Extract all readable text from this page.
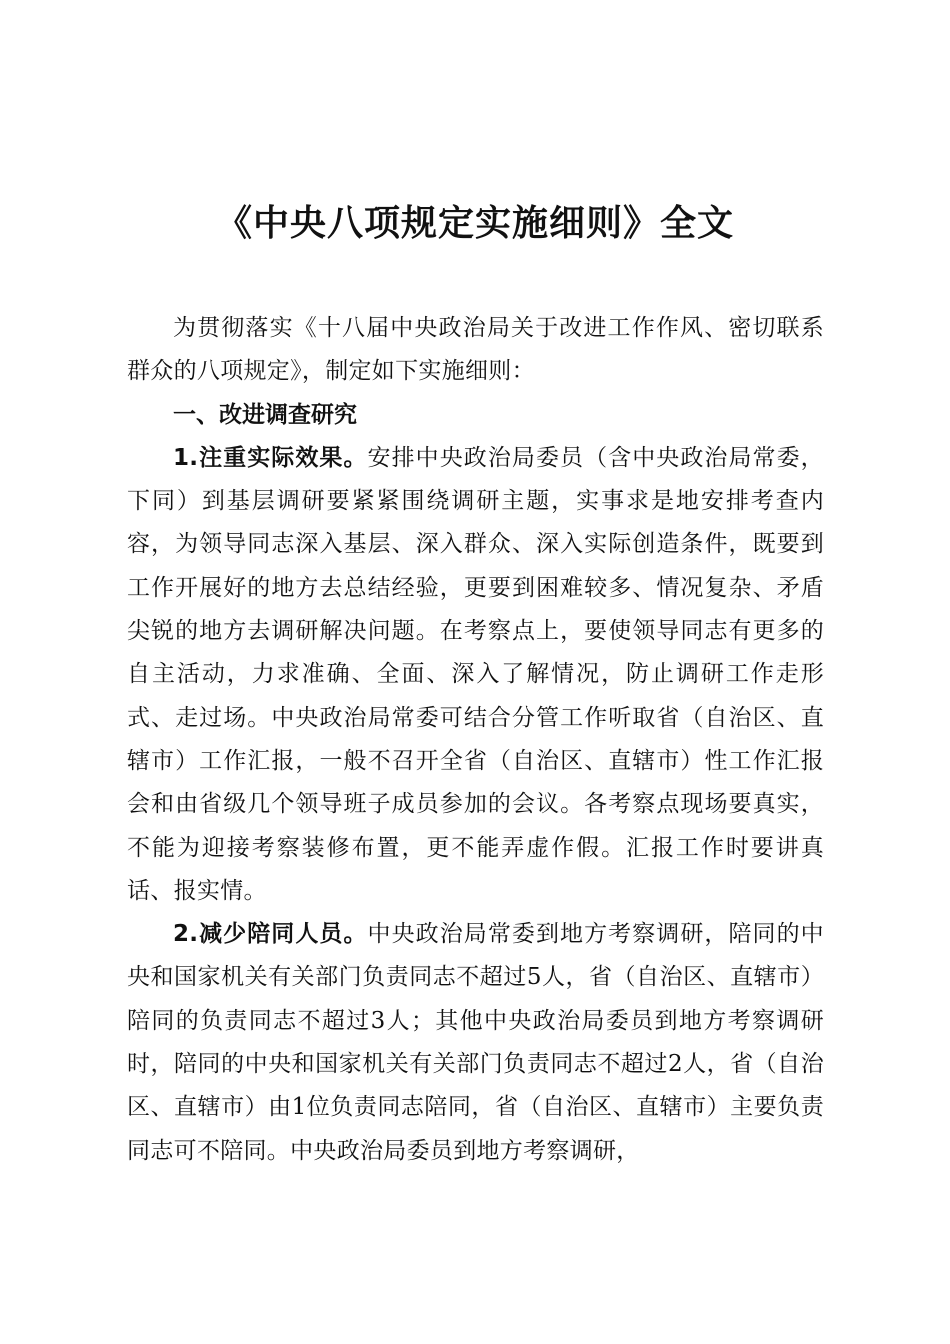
《中央八项规定实施细则》全文

为贯彻落实《十八届中央政治局关于改进工作作风、密切联系群众的八项规定》，制定如下实施细则：

一、改进调查研究

1.注重实际效果。安排中央政治局委员（含中央政治局常委，下同）到基层调研要紧紧围绕调研主题，实事求是地安排考查内容，为领导同志深入基层、深入群众、深入实际创造条件，既要到工作开展好的地方去总结经验，更要到困难较多、情况复杂、矛盾尖锐的地方去调研解决问题。在考察点上，要使领导同志有更多的自主活动，力求准确、全面、深入了解情况，防止调研工作走形式、走过场。中央政治局常委可结合分管工作听取省（自治区、直辖市）工作汇报，一般不召开全省（自治区、直辖市）性工作汇报会和由省级几个领导班子成员参加的会议。各考察点现场要真实，不能为迎接考察装修布置，更不能弄虚作假。汇报工作时要讲真话、报实情。

2.减少陪同人员。中央政治局常委到地方考察调研，陪同的中央和国家机关有关部门负责同志不超过5人，省（自治区、直辖市）陪同的负责同志不超过3人；其他中央政治局委员到地方考察调研时，陪同的中央和国家机关有关部门负责同志不超过2人，省（自治区、直辖市）由1位负责同志陪同，省（自治区、直辖市）主要负责同志可不陪同。中央政治局委员到地方考察调研，
